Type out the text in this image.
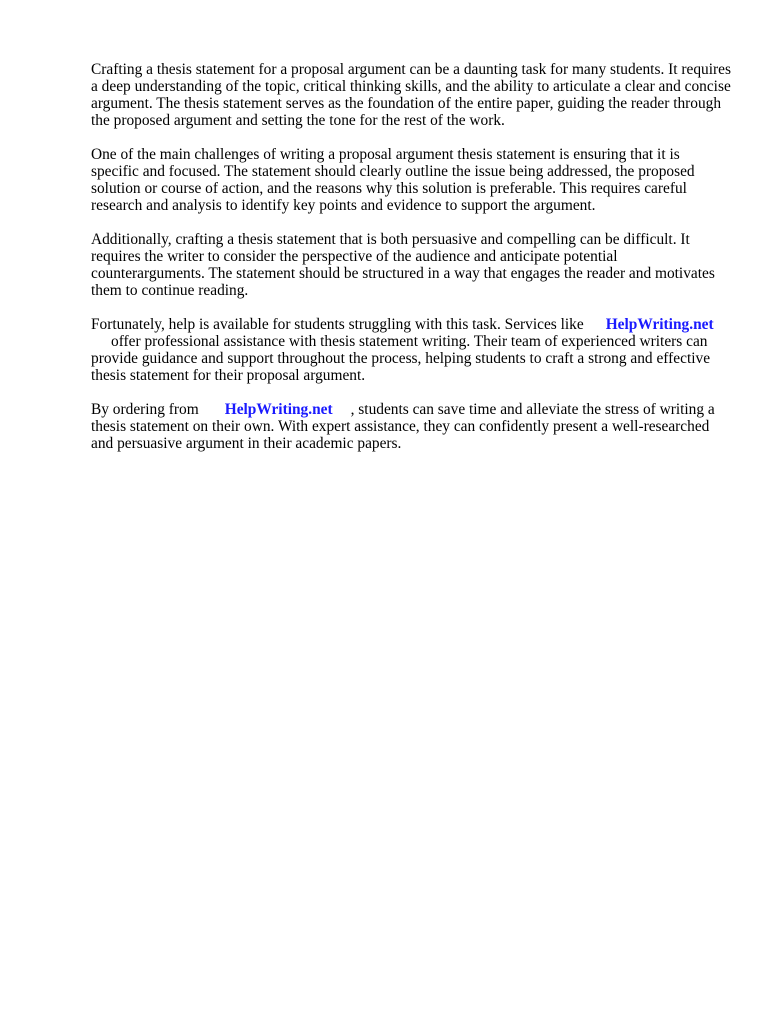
Crafting a thesis statement for a proposal argument can be a daunting task for many students. It requires a deep understanding of the topic, critical thinking skills, and the ability to articulate a clear and concise argument. The thesis statement serves as the foundation of the entire paper, guiding the reader through the proposed argument and setting the tone for the rest of the work.

One of the main challenges of writing a proposal argument thesis statement is ensuring that it is specific and focused. The statement should clearly outline the issue being addressed, the proposed solution or course of action, and the reasons why this solution is preferable. This requires careful research and analysis to identify key points and evidence to support the argument.

Additionally, crafting a thesis statement that is both persuasive and compelling can be difficult. It requires the writer to consider the perspective of the audience and anticipate potential counterarguments. The statement should be structured in a way that engages the reader and motivates them to continue reading.

Fortunately, help is available for students struggling with this task. Services like HelpWriting.net
offer professional assistance with thesis statement writing. Their team of experienced writers can provide guidance and support throughout the process, helping students to craft a strong and effective thesis statement for their proposal argument.

By ordering from HelpWriting.net , students can save time and alleviate the stress of writing a thesis statement on their own. With expert assistance, they can confidently present a well-researched and persuasive argument in their academic papers.
